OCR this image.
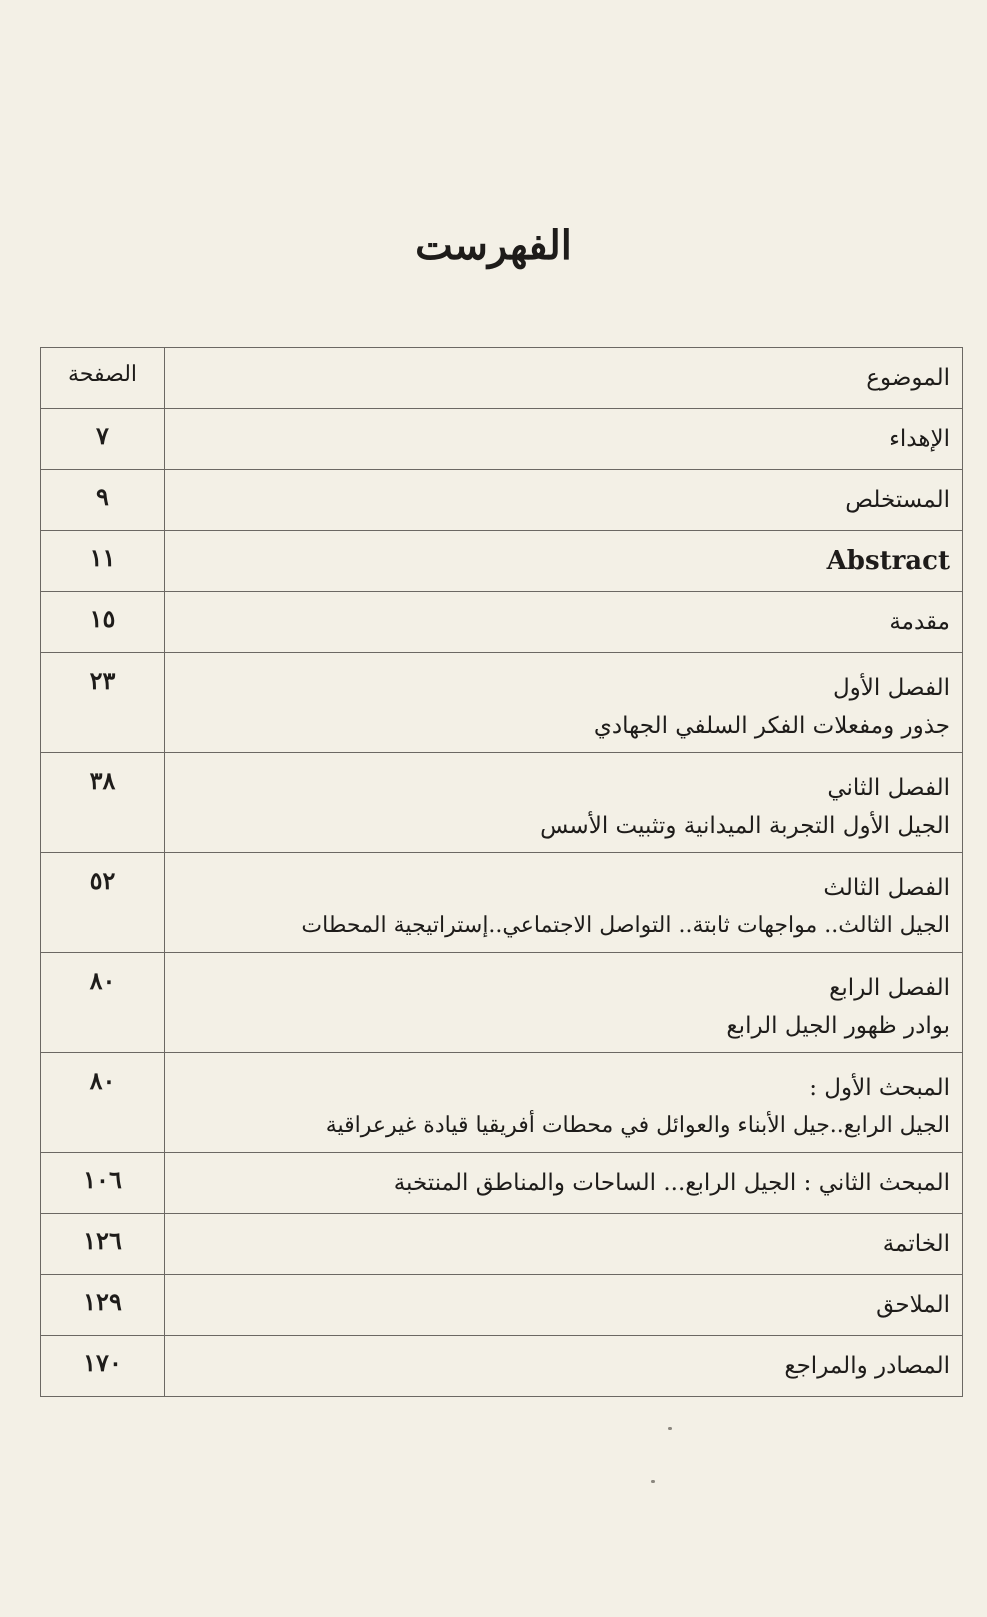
الفهرست
الموضوع	الصفحة

الإهداء	٧

المستخلص	٩

Abstract	١١

مقدمة	١٥

الفصل الأول
جذور ومفعلات الفكر السلفي الجهادي	٢٣

الفصل الثاني
الجيل الأول التجربة الميدانية وتثبيت الأسس	٣٨

الفصل الثالث
الجيل الثالث.. مواجهات ثابتة.. التواصل الاجتماعي..إستراتيجية المحطات	٥٢

الفصل الرابع
بوادر ظهور الجيل الرابع	٨٠

المبحث الأول :
الجيل الرابع..جيل الأبناء والعوائل في محطات أفريقيا قيادة غيرعراقية	٨٠

المبحث الثاني : الجيل الرابع... الساحات والمناطق المنتخبة	١٠٦

الخاتمة	١٢٦

الملاحق	١٢٩

المصادر والمراجع	١٧٠
